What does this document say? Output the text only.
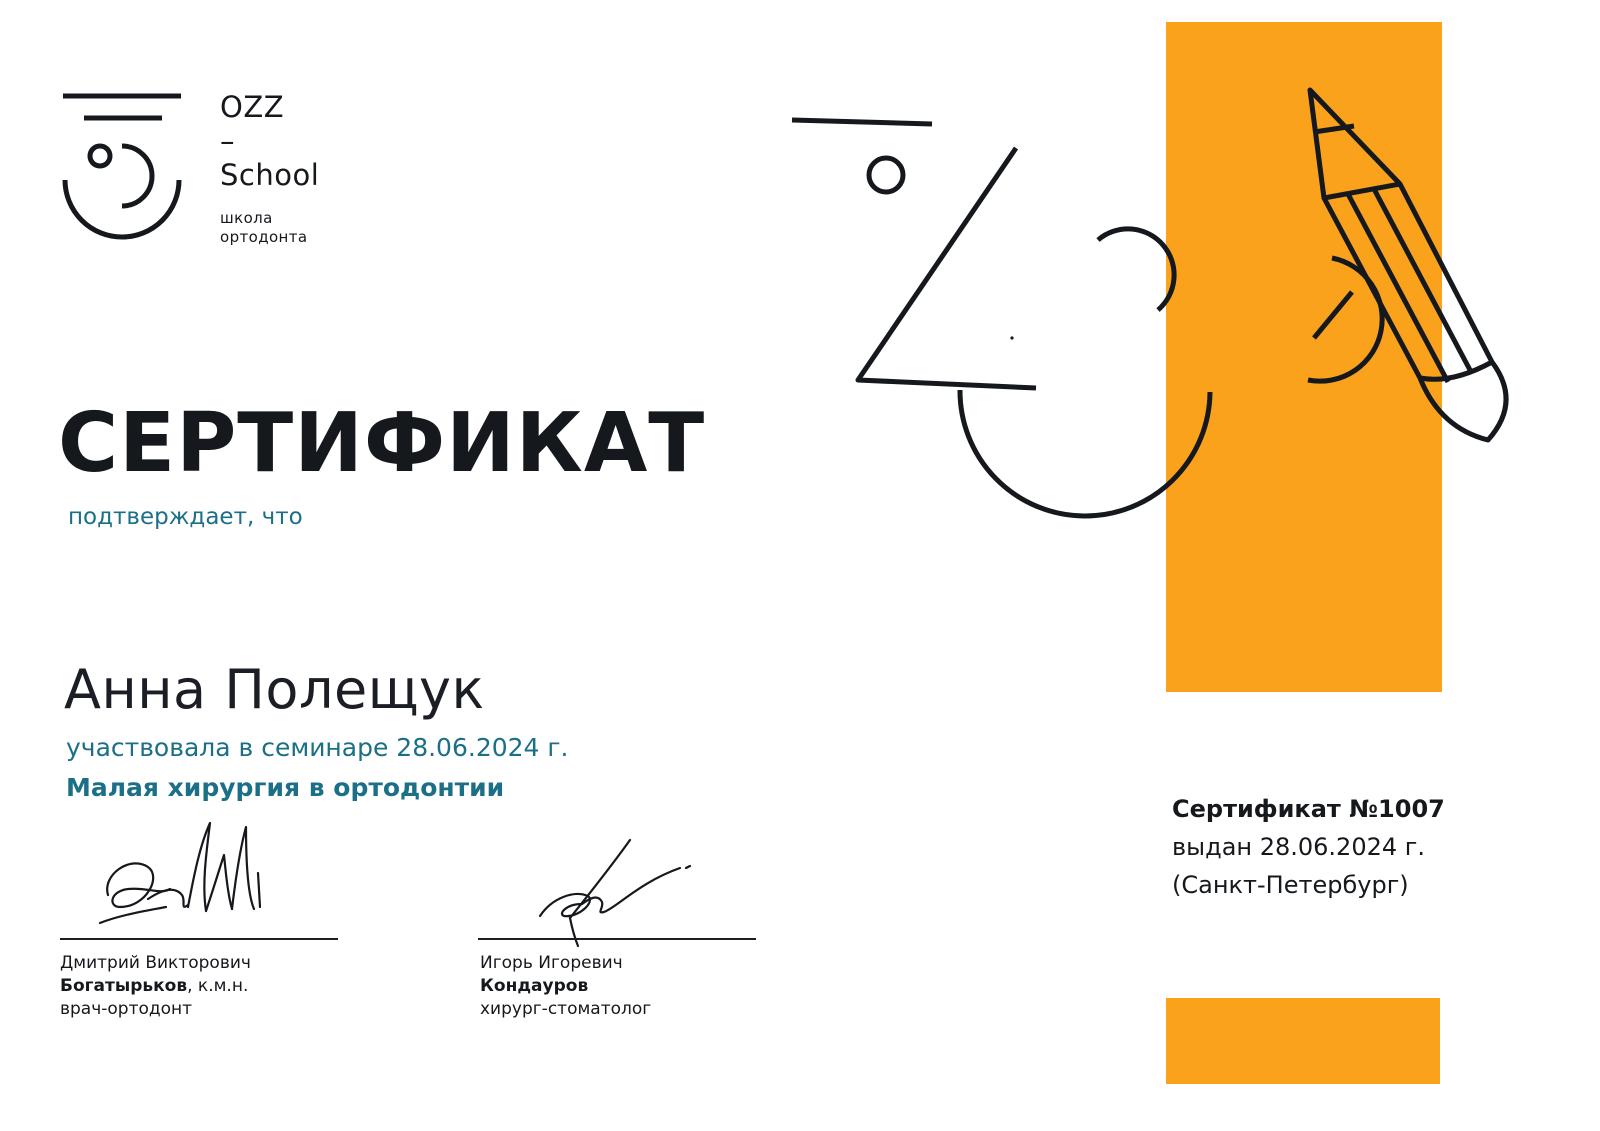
OZZ
–
School
школа
ортодонта
СЕРТИФИКАТ
подтверждает, что
Анна Полещук
участвовала в семинаре 28.06.2024 г.
Малая хирургия в ортодонтии
Дмитрий Викторович
Богатырьков, к.м.н.
врач-ортодонт
Игорь Игоревич
Кондауров
хирург-стоматолог
Сертификат №1007
выдан 28.06.2024 г.
(Санкт-Петербург)
